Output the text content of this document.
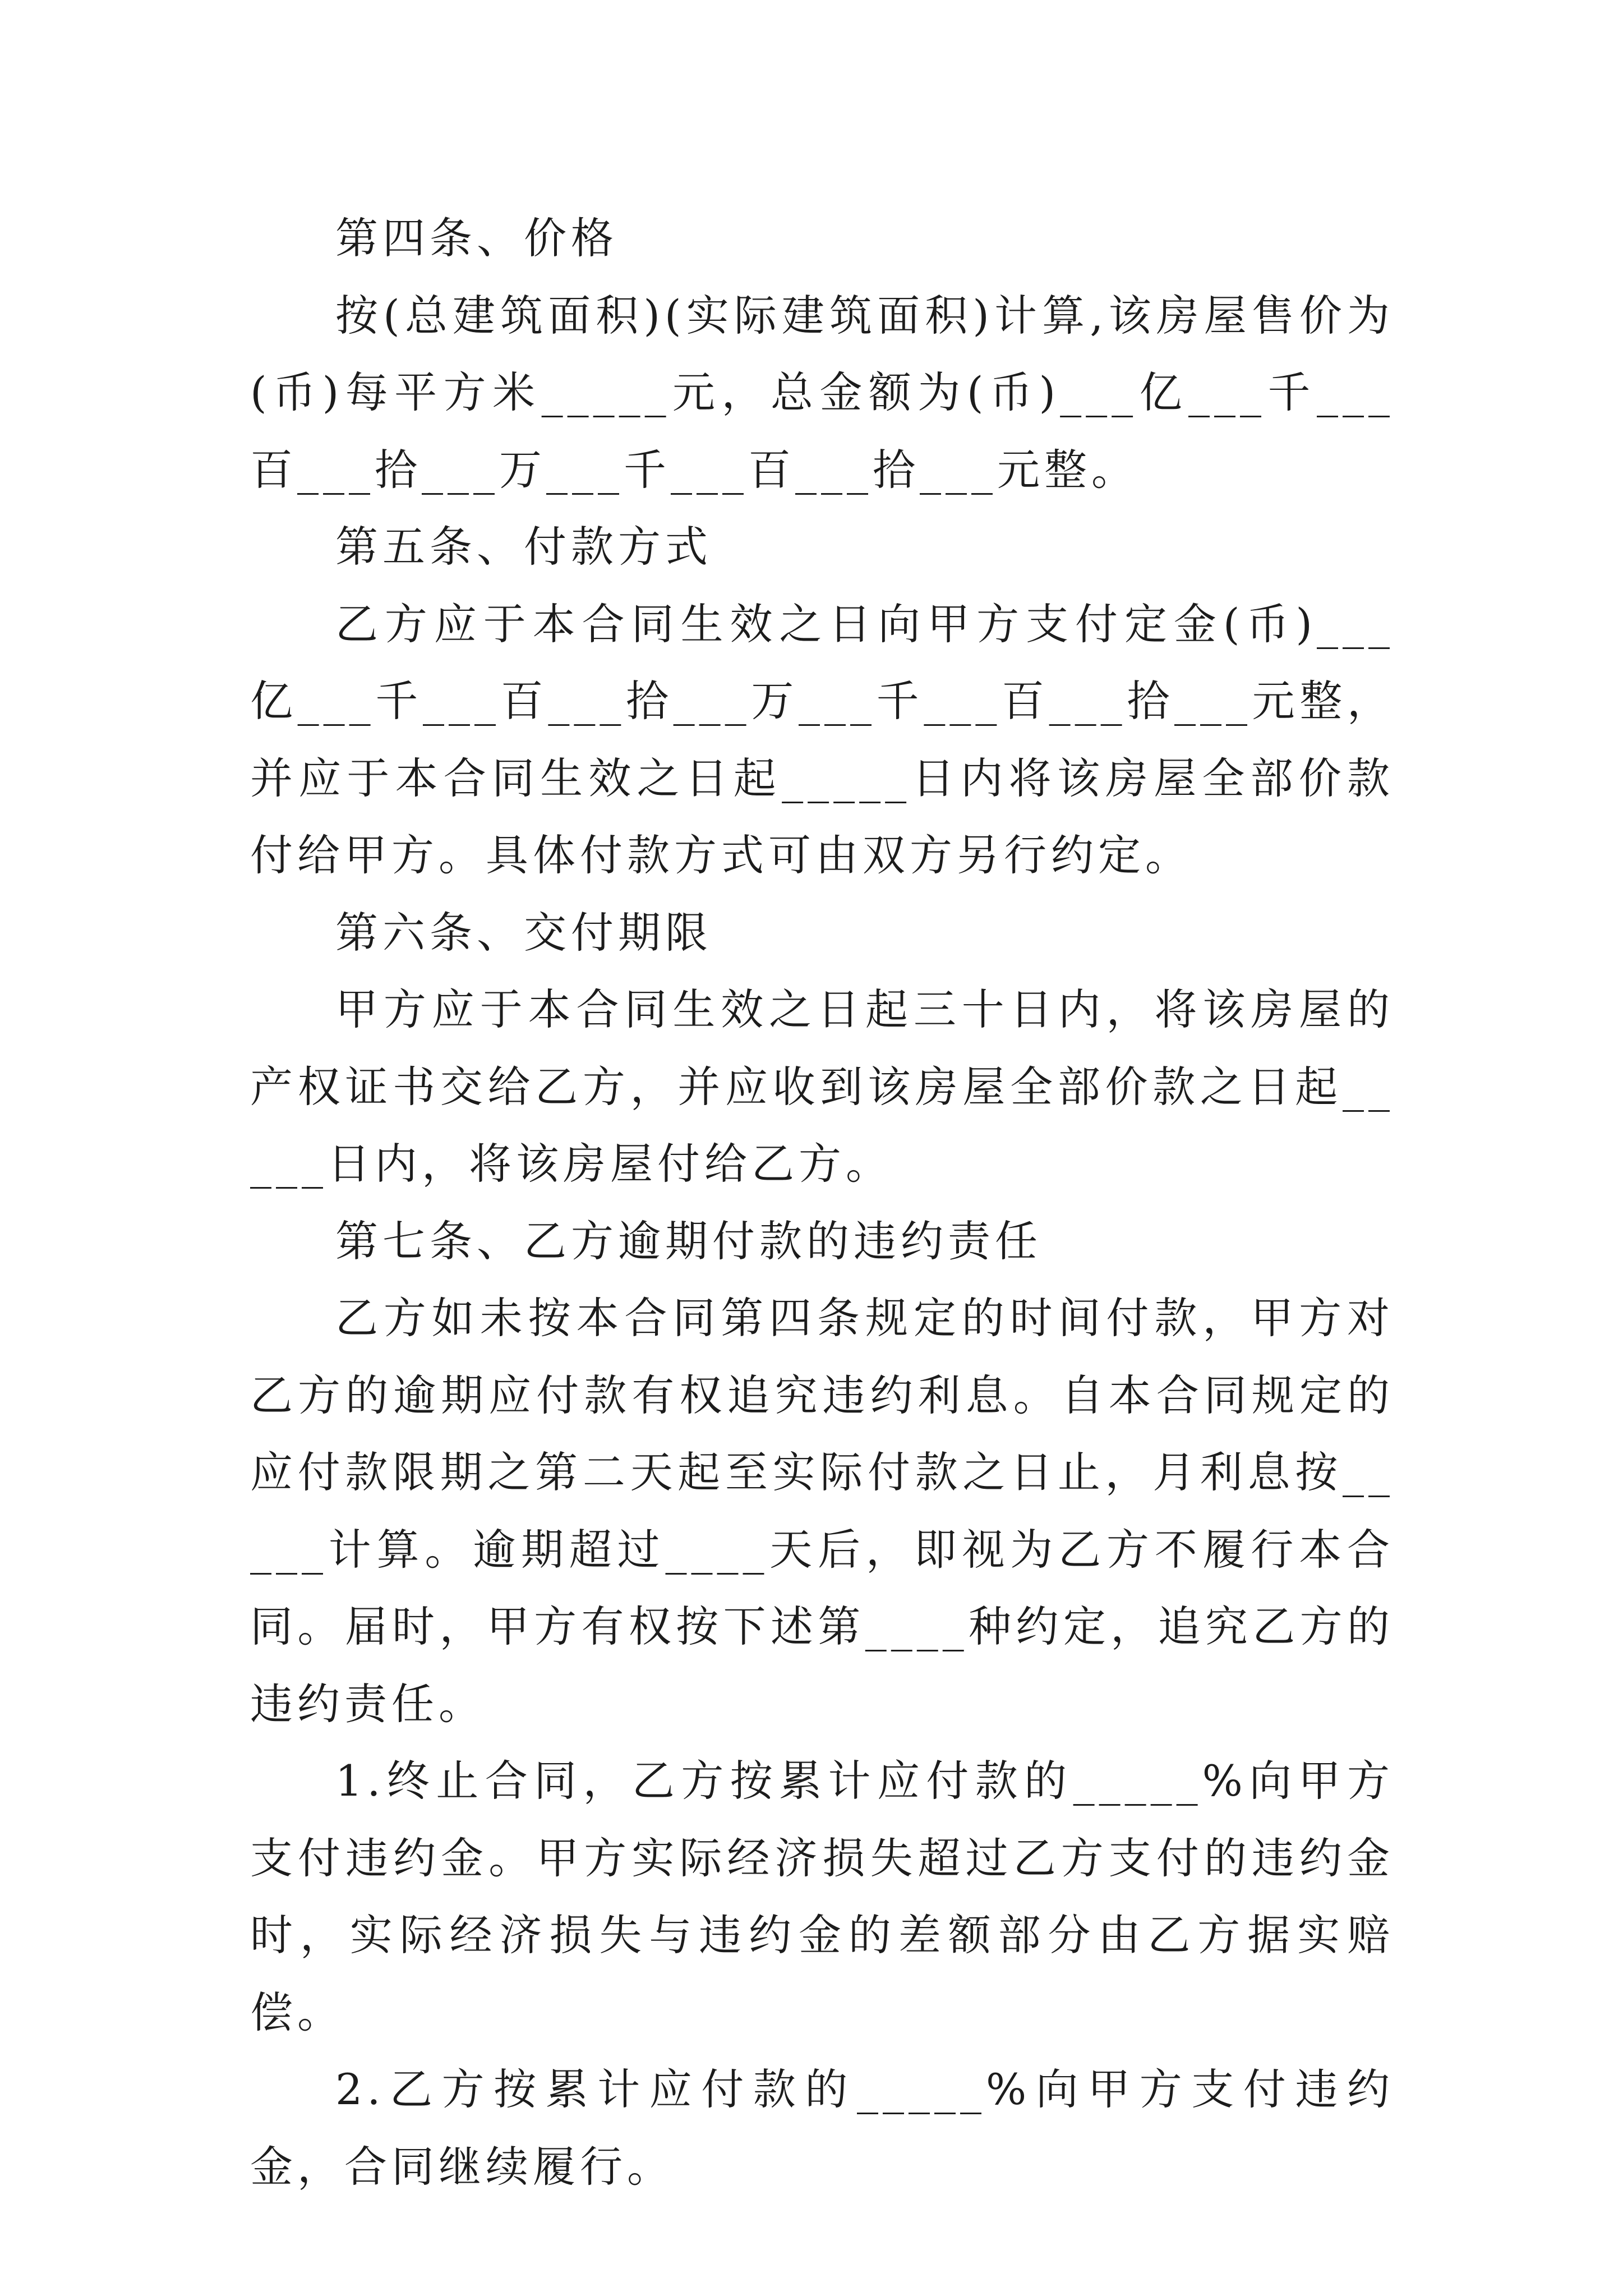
第四条、价格

按(总建筑面积)(实际建筑面积)计算,该房屋售价为(币)每平方米_____元，总金额为(币)___亿___千___百___拾___万___千___百___拾___元整。

第五条、付款方式

乙方应于本合同生效之日向甲方支付定金(币)___亿___千___百___拾___万___千___百___拾___元整，并应于本合同生效之日起_____日内将该房屋全部价款付给甲方。具体付款方式可由双方另行约定。

第六条、交付期限

甲方应于本合同生效之日起三十日内，将该房屋的产权证书交给乙方，并应收到该房屋全部价款之日起_____日内，将该房屋付给乙方。

第七条、乙方逾期付款的违约责任

乙方如未按本合同第四条规定的时间付款，甲方对乙方的逾期应付款有权追究违约利息。自本合同规定的应付款限期之第二天起至实际付款之日止，月利息按_____计算。逾期超过____天后，即视为乙方不履行本合同。届时，甲方有权按下述第____种约定，追究乙方的违约责任。

1.终止合同，乙方按累计应付款的_____%向甲方支付违约金。甲方实际经济损失超过乙方支付的违约金时，实际经济损失与违约金的差额部分由乙方据实赔偿。

2.乙方按累计应付款的_____%向甲方支付违约金，合同继续履行。
